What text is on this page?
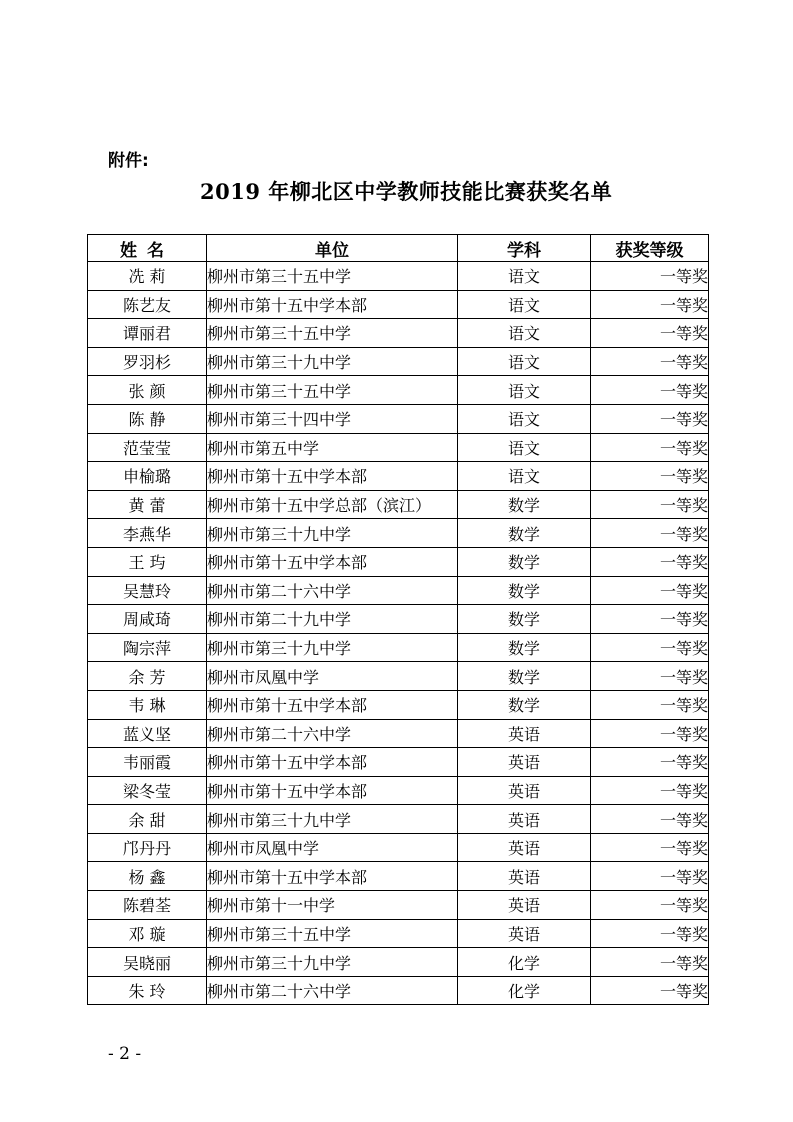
附件:
2019 年柳北区中学教师技能比赛获奖名单
姓名	单位	学科	获奖等级
冼 莉	柳州市第三十五中学	语文	一等奖
陈艺友	柳州市第十五中学本部	语文	一等奖
谭丽君	柳州市第三十五中学	语文	一等奖
罗羽杉	柳州市第三十九中学	语文	一等奖
张 颜	柳州市第三十五中学	语文	一等奖
陈 静	柳州市第三十四中学	语文	一等奖
范莹莹	柳州市第五中学	语文	一等奖
申榆璐	柳州市第十五中学本部	语文	一等奖
黄 蕾	柳州市第十五中学总部（滨江）	数学	一等奖
李燕华	柳州市第三十九中学	数学	一等奖
王 玙	柳州市第十五中学本部	数学	一等奖
吴慧玲	柳州市第二十六中学	数学	一等奖
周咸琦	柳州市第二十九中学	数学	一等奖
陶宗萍	柳州市第三十九中学	数学	一等奖
余 芳	柳州市凤凰中学	数学	一等奖
韦 琳	柳州市第十五中学本部	数学	一等奖
蓝义坚	柳州市第二十六中学	英语	一等奖
韦丽霞	柳州市第十五中学本部	英语	一等奖
梁冬莹	柳州市第十五中学本部	英语	一等奖
余 甜	柳州市第三十九中学	英语	一等奖
邝丹丹	柳州市凤凰中学	英语	一等奖
杨 鑫	柳州市第十五中学本部	英语	一等奖
陈碧荃	柳州市第十一中学	英语	一等奖
邓 璇	柳州市第三十五中学	英语	一等奖
吴晓丽	柳州市第三十九中学	化学	一等奖
朱 玲	柳州市第二十六中学	化学	一等奖
- 2 -
